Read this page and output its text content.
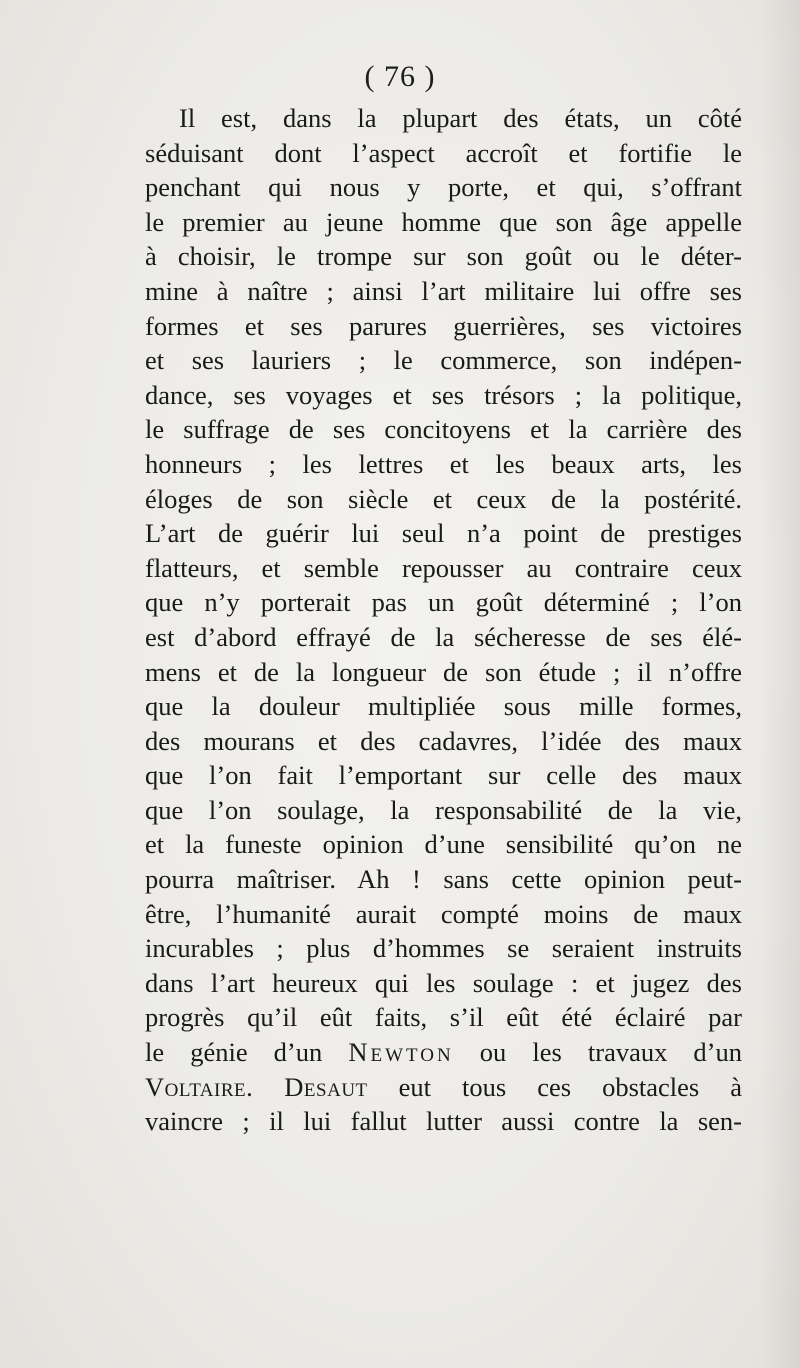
( 76 )
Il est, dans la plupart des états, un côté
séduisant dont l’aspect accroît et fortifie le
penchant qui nous y porte, et qui, s’offrant
le premier au jeune homme que son âge appelle
à choisir, le trompe sur son goût ou le déter-
mine à naître ; ainsi l’art militaire lui offre ses
formes et ses parures guerrières, ses victoires
et ses lauriers ; le commerce, son indépen-
dance, ses voyages et ses trésors ; la politique,
le suffrage de ses concitoyens et la carrière des
honneurs ; les lettres et les beaux arts, les
éloges de son siècle et ceux de la postérité.
L’art de guérir lui seul n’a point de prestiges
flatteurs, et semble repousser au contraire ceux
que n’y porterait pas un goût déterminé ; l’on
est d’abord effrayé de la sécheresse de ses élé-
mens et de la longueur de son étude ; il n’offre
que la douleur multipliée sous mille formes,
des mourans et des cadavres, l’idée des maux
que l’on fait l’emportant sur celle des maux
que l’on soulage, la responsabilité de la vie,
et la funeste opinion d’une sensibilité qu’on ne
pourra maîtriser. Ah ! sans cette opinion peut-
être, l’humanité aurait compté moins de maux
incurables ; plus d’hommes se seraient instruits
dans l’art heureux qui les soulage : et jugez des
progrès qu’il eût faits, s’il eût été éclairé par
le génie d’un Newton ou les travaux d’un
Voltaire. Desaut eut tous ces obstacles à
vaincre ; il lui fallut lutter aussi contre la sen-
